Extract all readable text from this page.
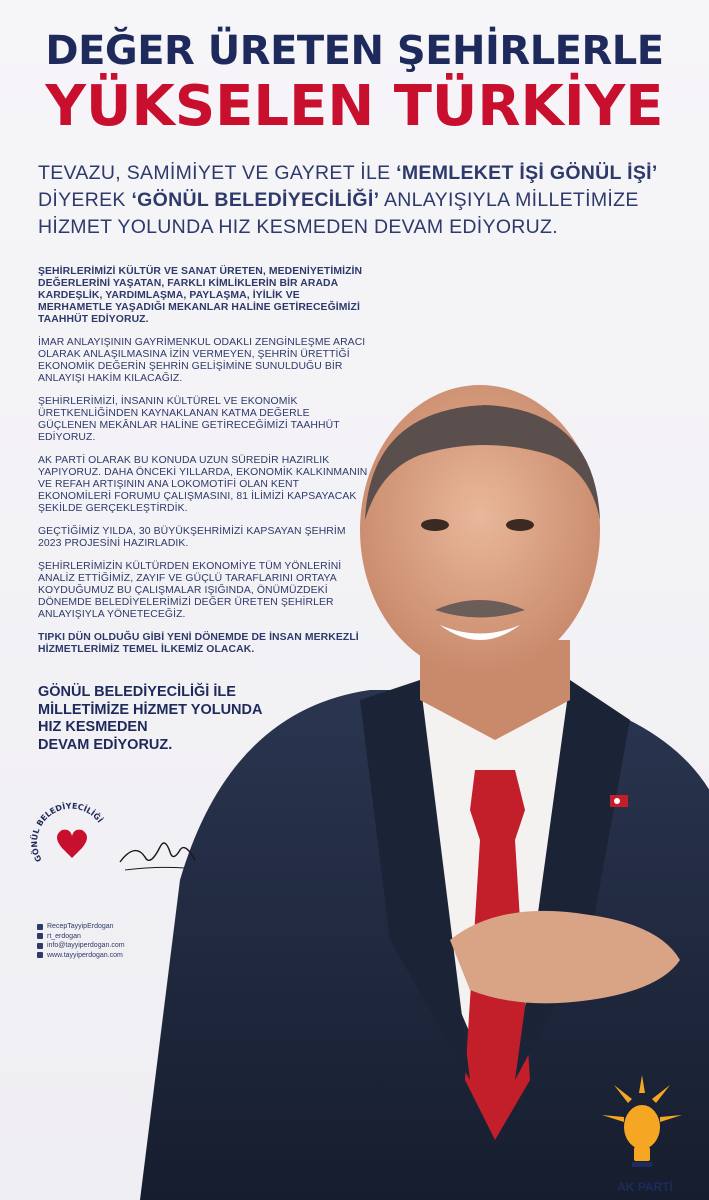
DEĞER ÜRETEN ŞEHİRLERLE
YÜKSELEN TÜRKİYE
TEVAZU, SAMİMİYET VE GAYRET İLE ‘MEMLEKET İŞİ GÖNÜL İŞİ’
DİYEREK ‘GÖNÜL BELEDİYECİLİĞİ’ ANLAYIŞIYLA MİLLETİMİZE
HİZMET YOLUNDA HIZ KESMEDEN DEVAM EDİYORUZ.

ŞEHİRLERİMİZİ KÜLTÜR VE SANAT ÜRETEN, MEDENİYETİMİZİN DEĞERLERİNİ YAŞATAN, FARKLI KİMLİKLERİN BİR ARADA KARDEŞLİK, YARDIMLAŞMA, PAYLAŞMA, İYİLİK VE MERHAMETLE YAŞADIĞI MEKANLAR HALİNE GETİRECEĞİMİZİ TAAHHÜT EDİYORUZ.

İMAR ANLAYIŞININ GAYRİMENKUL ODAKLI ZENGİNLEŞME ARACI OLARAK ANLAŞILMASINA İZİN VERMEYEN, ŞEHRİN ÜRETTİĞİ EKONOMİK DEĞERİN ŞEHRİN GELİŞİMİNE SUNULDUĞU BİR ANLAYIŞI HAKİM KILACAĞIZ.

ŞEHİRLERİMİZİ, İNSANIN KÜLTÜREL VE EKONOMİK ÜRETKENLİĞİNDEN KAYNAKLANAN KATMA DEĞERLE GÜÇLENEN MEKÂNLAR HALİNE GETİRECEĞİMİZİ TAAHHÜT EDİYORUZ.

AK PARTİ OLARAK BU KONUDA UZUN SÜREDİR HAZIRLIK YAPIYORUZ. DAHA ÖNCEKİ YILLARDA, EKONOMİK KALKINMANIN VE REFAH ARTIŞININ ANA LOKOMOTİFİ OLAN KENT EKONOMİLERİ FORUMU ÇALIŞMASINI, 81 İLİMİZİ KAPSAYACAK ŞEKİLDE GERÇEKLEŞTİRDİK.

GEÇTİĞİMİZ YILDA, 30 BÜYÜKŞEHRİMİZİ KAPSAYAN ŞEHRİM 2023 PROJESİNİ HAZIRLADIK.

ŞEHİRLERİMİZİN KÜLTÜRDEN EKONOMİYE TÜM YÖNLERİNİ ANALİZ ETTİĞİMİZ, ZAYIF VE GÜÇLÜ TARAFLARINI ORTAYA KOYDUĞUMUZ BU ÇALIŞMALAR IŞIĞINDA, ÖNÜMÜZDEKİ DÖNEMDE BELEDİYELERİMİZİ DEĞER ÜRETEN ŞEHİRLER ANLAYIŞIYLA YÖNETECEĞİZ.

TIPKI DÜN OLDUĞU GİBİ YENİ DÖNEMDE DE İNSAN MERKEZLİ HİZMETLERİMİZ TEMEL İLKEMİZ OLACAK.

GÖNÜL BELEDİYECİLİĞİ İLE
MİLLETİMİZE HİZMET YOLUNDA
HIZ KESMEDEN
DEVAM EDİYORUZ.
GÖNÜL BELEDİYECİLİĞİ
RecepTayyipErdogan
rt_erdogan
info@tayyiperdogan.com
www.tayyiperdogan.com
AK PARTİ
